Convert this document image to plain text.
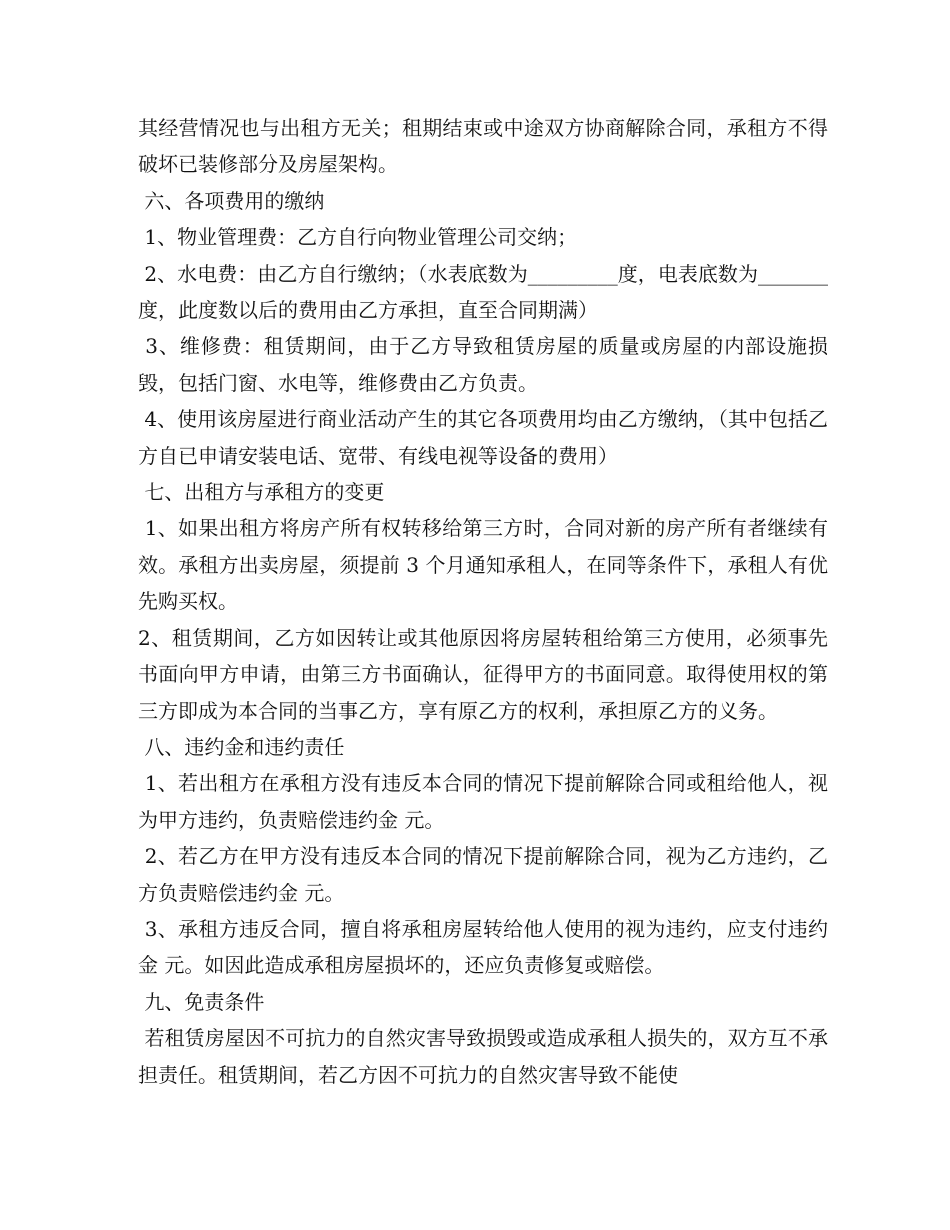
其经营情况也与出租方无关；租期结束或中途双方协商解除合同，承租方不得破坏已装修部分及房屋架构。

六、各项费用的缴纳

1、物业管理费：乙方自行向物业管理公司交纳；

2、水电费：由乙方自行缴纳；（水表底数为_________度，电表底数为_______度，此度数以后的费用由乙方承担，直至合同期满）

3、维修费：租赁期间，由于乙方导致租赁房屋的质量或房屋的内部设施损毁，包括门窗、水电等，维修费由乙方负责。

4、使用该房屋进行商业活动产生的其它各项费用均由乙方缴纳，（其中包括乙方自已申请安装电话、宽带、有线电视等设备的费用）

七、出租方与承租方的变更

1、如果出租方将房产所有权转移给第三方时，合同对新的房产所有者继续有效。承租方出卖房屋，须提前 3 个月通知承租人，在同等条件下，承租人有优先购买权。

2、租赁期间，乙方如因转让或其他原因将房屋转租给第三方使用，必须事先书面向甲方申请，由第三方书面确认，征得甲方的书面同意。取得使用权的第三方即成为本合同的当事乙方，享有原乙方的权利，承担原乙方的义务。

八、违约金和违约责任

1、若出租方在承租方没有违反本合同的情况下提前解除合同或租给他人，视为甲方违约，负责赔偿违约金 元。

2、若乙方在甲方没有违反本合同的情况下提前解除合同，视为乙方违约，乙方负责赔偿违约金 元。

3、承租方违反合同，擅自将承租房屋转给他人使用的视为违约，应支付违约金 元。如因此造成承租房屋损坏的，还应负责修复或赔偿。

九、免责条件

若租赁房屋因不可抗力的自然灾害导致损毁或造成承租人损失的，双方互不承担责任。租赁期间，若乙方因不可抗力的自然灾害导致不能使
